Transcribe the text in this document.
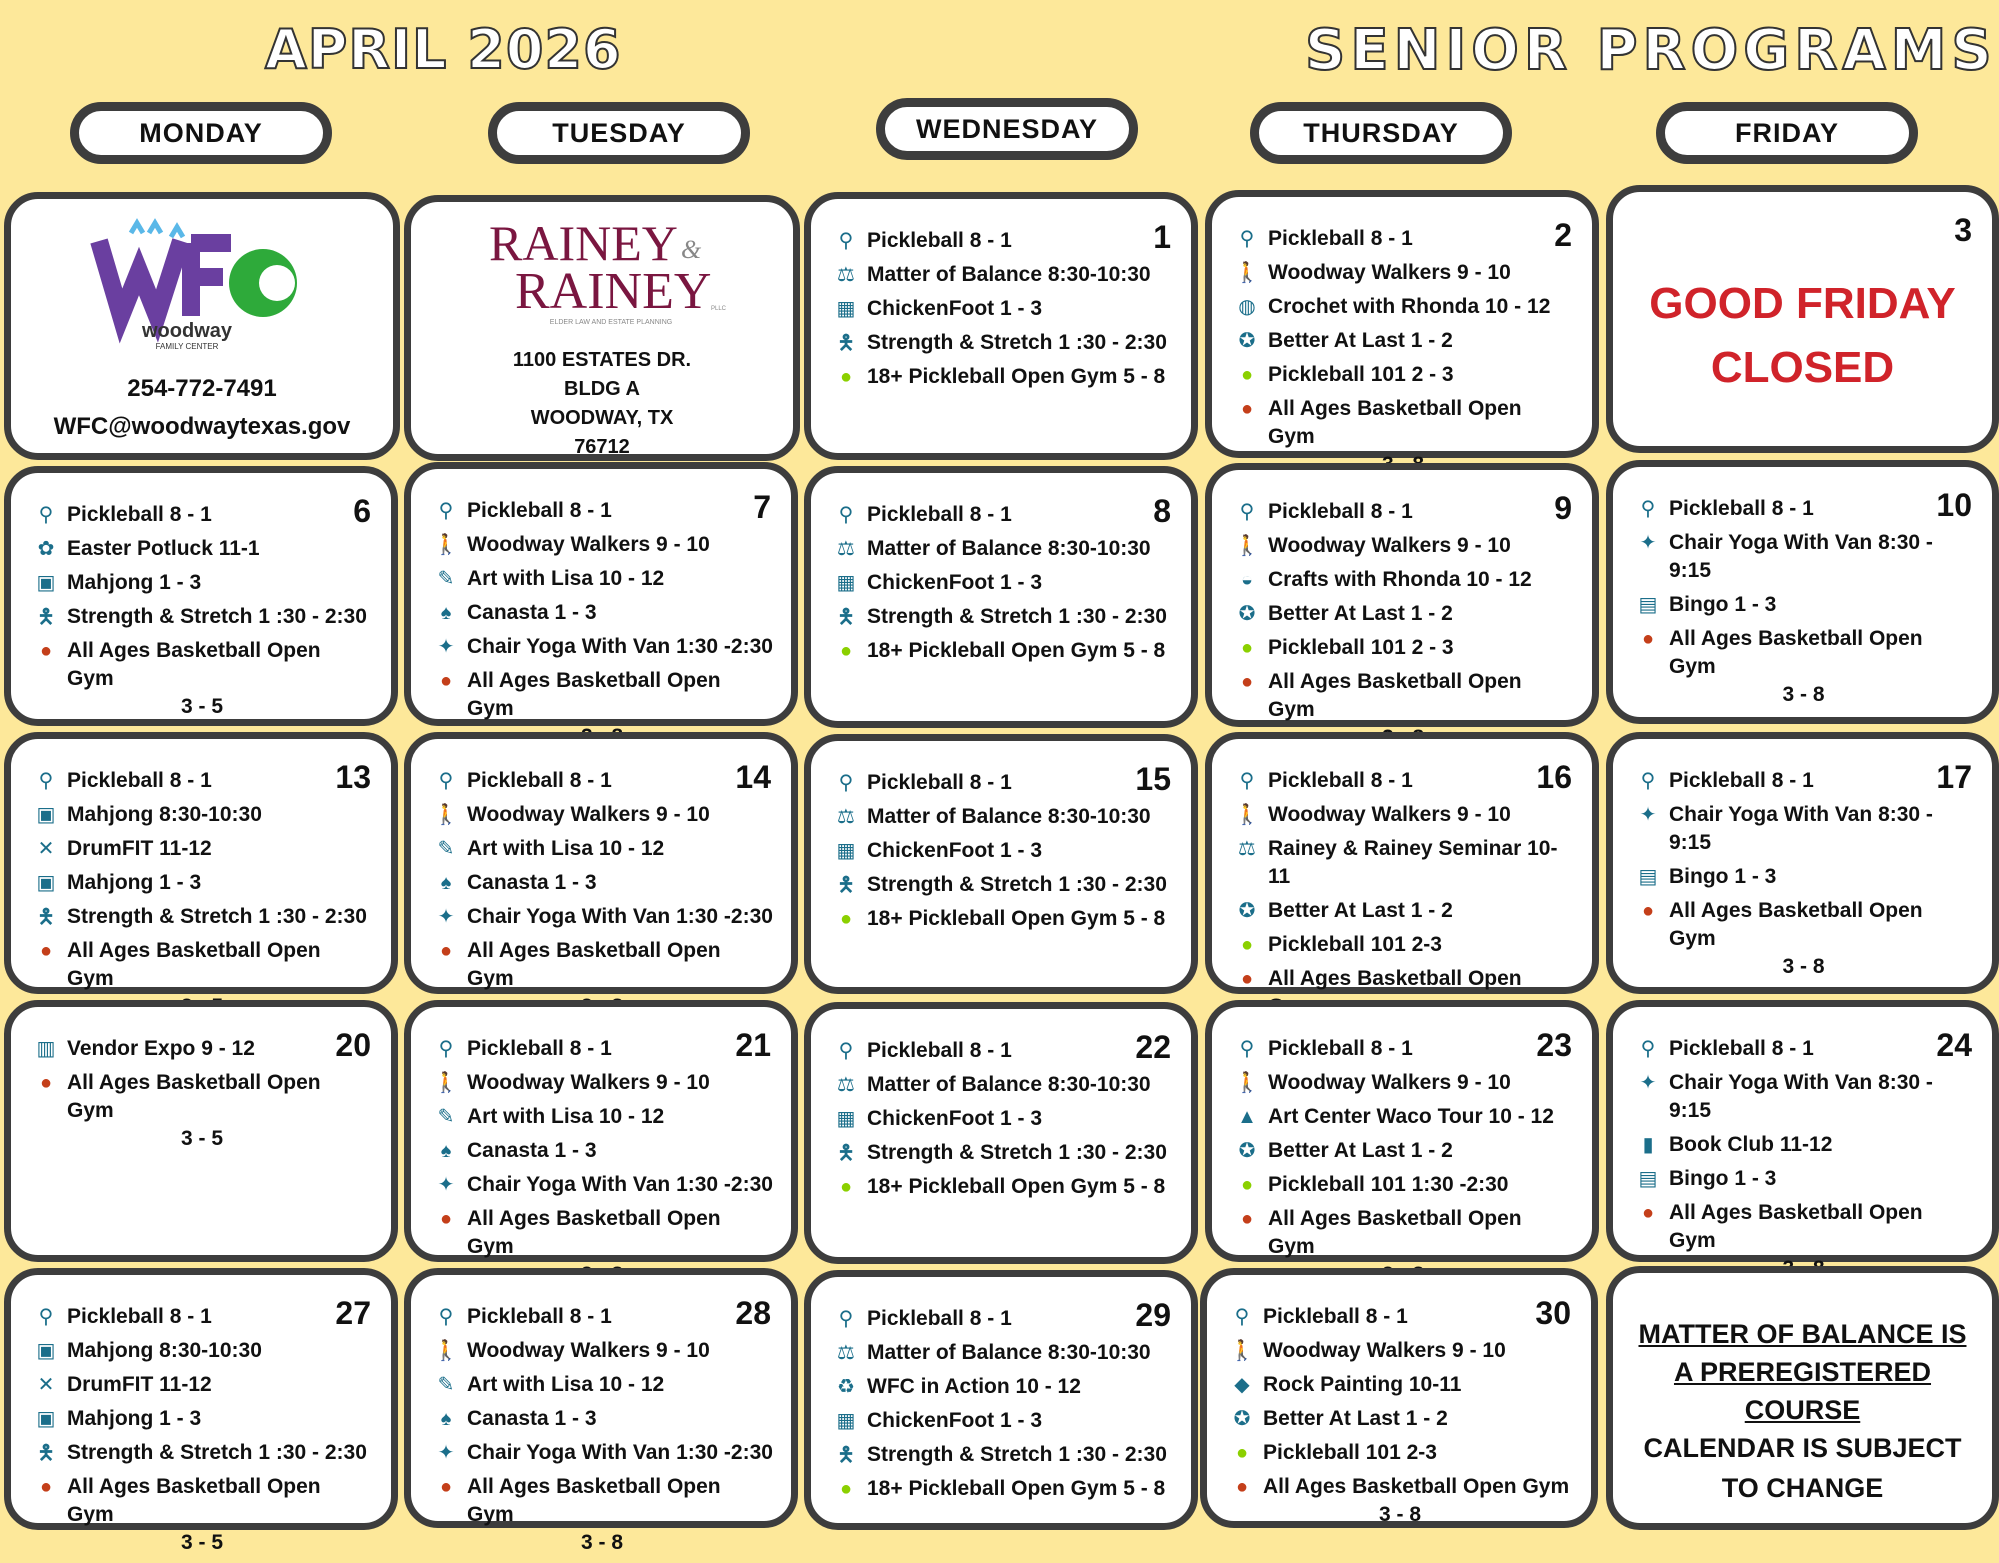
APRIL 2026	SENIOR PROGRAMS
MONDAY	TUESDAY	WEDNESDAY	THURSDAY	FRIDAY
woodway
FAMILY CENTER
254-772-7491
WFC@woodwaytexas.gov
RAINEY &
RAINEY PLLC
ELDER LAW AND ESTATE PLANNING
1100 ESTATES DR.
BLDG A
WOODWAY, TX
76712
1
⚲ Pickleball 8 - 1
⚖ Matter of Balance 8:30-10:30
▦ ChickenFoot 1 - 3
🯅 Strength & Stretch 1 :30 - 2:30
● 18+ Pickleball Open Gym 5 - 8
2
⚲ Pickleball 8 - 1
🚶 Woodway Walkers 9 - 10
◍ Crochet with Rhonda 10 - 12
✪ Better At Last 1 - 2
● Pickleball 101 2 - 3
● All Ages Basketball Open Gym
3
GOOD FRIDAY
CLOSED
6
⚲ Pickleball 8 - 1
✿ Easter Potluck 11-1
▣ Mahjong 1 - 3
🯅 Strength & Stretch 1 :30 - 2:30
● All Ages Basketball Open Gym
3 - 5
7
⚲ Pickleball 8 - 1
🚶 Woodway Walkers 9 - 10
✎ Art with Lisa 10 - 12
♠ Canasta 1 - 3
✦ Chair Yoga With Van 1:30 -2:30
● All Ages Basketball Open Gym
8
⚲ Pickleball 8 - 1
⚖ Matter of Balance 8:30-10:30
▦ ChickenFoot 1 - 3
🯅 Strength & Stretch 1 :30 - 2:30
● 18+ Pickleball Open Gym 5 - 8
9
⚲ Pickleball 8 - 1
🚶 Woodway Walkers 9 - 10
◒ Crafts with Rhonda 10 - 12
✪ Better At Last 1 - 2
● Pickleball 101 2 - 3
● All Ages Basketball Open Gym
10
⚲ Pickleball 8 - 1
✦ Chair Yoga With Van 8:30 - 9:15
▤ Bingo 1 - 3
● All Ages Basketball Open Gym
3 - 8
13
⚲ Pickleball 8 - 1
▣ Mahjong 8:30-10:30
✕ DrumFIT 11-12
▣ Mahjong 1 - 3
🯅 Strength & Stretch 1 :30 - 2:30
● All Ages Basketball Open Gym
14
⚲ Pickleball 8 - 1
🚶 Woodway Walkers 9 - 10
✎ Art with Lisa 10 - 12
♠ Canasta 1 - 3
✦ Chair Yoga With Van 1:30 -2:30
● All Ages Basketball Open Gym
15
⚲ Pickleball 8 - 1
⚖ Matter of Balance 8:30-10:30
▦ ChickenFoot 1 - 3
🯅 Strength & Stretch 1 :30 - 2:30
● 18+ Pickleball Open Gym 5 - 8
16
⚲ Pickleball 8 - 1
🚶 Woodway Walkers 9 - 10
⚖ Rainey & Rainey Seminar 10-11
✪ Better At Last 1 - 2
● Pickleball 101 2-3
● All Ages Basketball Open
17
⚲ Pickleball 8 - 1
✦ Chair Yoga With Van 8:30 - 9:15
▤ Bingo 1 - 3
● All Ages Basketball Open Gym
3 - 8
20
▥ Vendor Expo 9 - 12
● All Ages Basketball Open Gym
3 - 5
21
⚲ Pickleball 8 - 1
🚶 Woodway Walkers 9 - 10
✎ Art with Lisa 10 - 12
♠ Canasta 1 - 3
✦ Chair Yoga With Van 1:30 -2:30
● All Ages Basketball Open Gym
22
⚲ Pickleball 8 - 1
⚖ Matter of Balance 8:30-10:30
▦ ChickenFoot 1 - 3
🯅 Strength & Stretch 1 :30 - 2:30
● 18+ Pickleball Open Gym 5 - 8
23
⚲ Pickleball 8 - 1
🚶 Woodway Walkers 9 - 10
▲ Art Center Waco Tour 10 - 12
✪ Better At Last 1 - 2
● Pickleball 101 1:30 -2:30
● All Ages Basketball Open Gym
24
⚲ Pickleball 8 - 1
✦ Chair Yoga With Van 8:30 - 9:15
▮ Book Club 11-12
▤ Bingo 1 - 3
● All Ages Basketball Open Gym
27
⚲ Pickleball 8 - 1
▣ Mahjong 8:30-10:30
✕ DrumFIT 11-12
▣ Mahjong 1 - 3
🯅 Strength & Stretch 1 :30 - 2:30
● All Ages Basketball Open Gym
3 - 5
28
⚲ Pickleball 8 - 1
🚶 Woodway Walkers 9 - 10
✎ Art with Lisa 10 - 12
♠ Canasta 1 - 3
✦ Chair Yoga With Van 1:30 -2:30
● All Ages Basketball Open Gym
3 - 8
29
⚲ Pickleball 8 - 1
⚖ Matter of Balance 8:30-10:30
♻ WFC in Action 10 - 12
▦ ChickenFoot 1 - 3
🯅 Strength & Stretch 1 :30 - 2:30
● 18+ Pickleball Open Gym 5 - 8
30
⚲ Pickleball 8 - 1
🚶 Woodway Walkers 9 - 10
◆ Rock Painting 10-11
✪ Better At Last 1 - 2
● Pickleball 101 2-3
● All Ages Basketball Open Gym
3 - 8
MATTER OF BALANCE IS
A PREREGISTERED COURSE
CALENDAR IS SUBJECT
TO CHANGE
